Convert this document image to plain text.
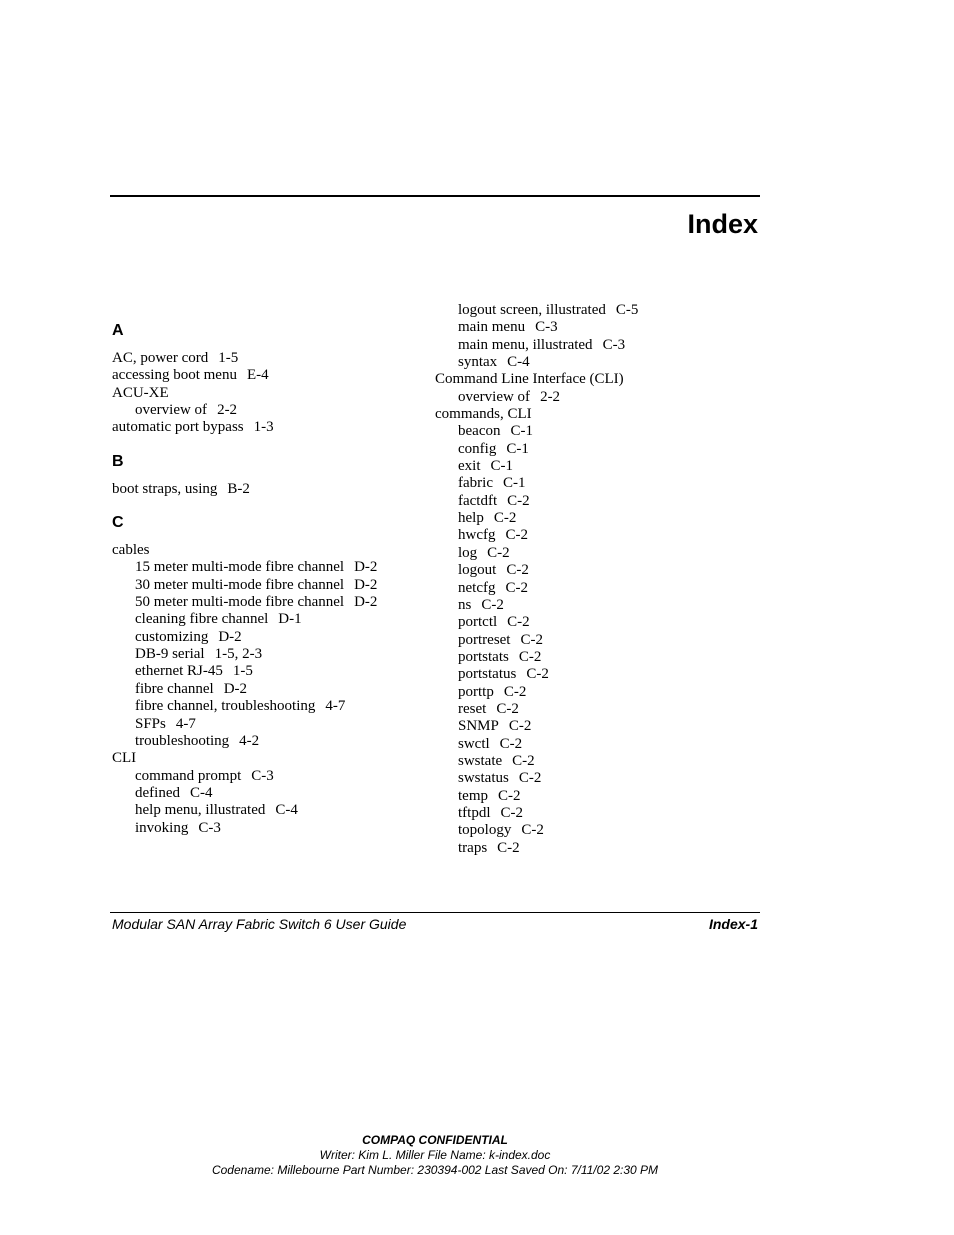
Index
A
AC, power cord 1-5
accessing boot menu E-4
ACU-XE
overview of 2-2
automatic port bypass 1-3
B
boot straps, using B-2
C
cables
15 meter multi-mode fibre channel D-2
30 meter multi-mode fibre channel D-2
50 meter multi-mode fibre channel D-2
cleaning fibre channel D-1
customizing D-2
DB-9 serial 1-5, 2-3
ethernet RJ-45 1-5
fibre channel D-2
fibre channel, troubleshooting 4-7
SFPs 4-7
troubleshooting 4-2
CLI
command prompt C-3
defined C-4
help menu, illustrated C-4
invoking C-3
logout screen, illustrated C-5
main menu C-3
main menu, illustrated C-3
syntax C-4
Command Line Interface (CLI)
overview of 2-2
commands, CLI
beacon C-1
config C-1
exit C-1
fabric C-1
factdft C-2
help C-2
hwcfg C-2
log C-2
logout C-2
netcfg C-2
ns C-2
portctl C-2
portreset C-2
portstats C-2
portstatus C-2
porttp C-2
reset C-2
SNMP C-2
swctl C-2
swstate C-2
swstatus C-2
temp C-2
tftpdl C-2
topology C-2
traps C-2
Modular SAN Array Fabric Switch 6 User Guide	Index-1
COMPAQ CONFIDENTIAL
Writer: Kim L. Miller File Name: k-index.doc
Codename: Millebourne Part Number: 230394-002 Last Saved On: 7/11/02 2:30 PM
